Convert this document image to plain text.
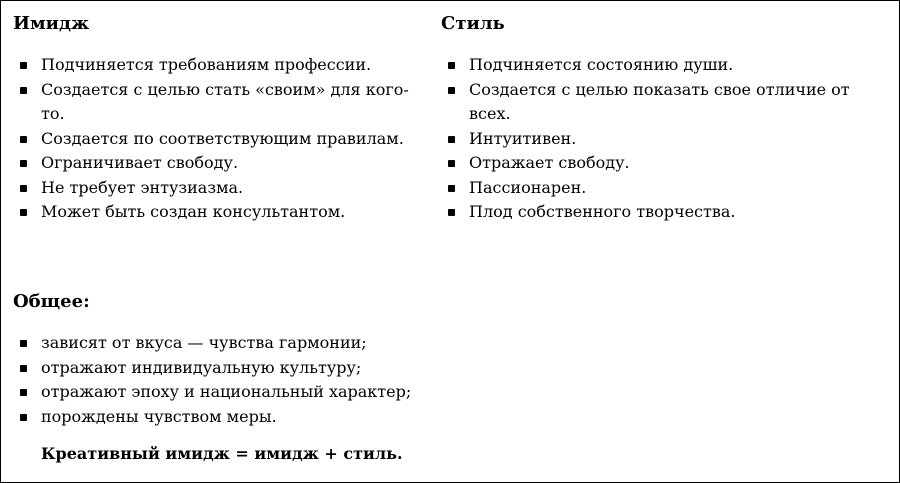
Имидж
Подчиняется требованиям профессии.
Создается с целью стать «своим» для кого-то.
Создается по соответствующим правилам.
Ограничивает свободу.
Не требует энтузиазма.
Может быть создан консультантом.
Стиль
Подчиняется состоянию души.
Создается с целью показать свое отличие от всех.
Интуитивен.
Отражает свободу.
Пассионарен.
Плод собственного творчества.
Общее:
зависят от вкуса — чувства гармонии;
отражают индивидуальную культуру;
отражают эпоху и национальный характер;
порождены чувством меры.
Креативный имидж = имидж + стиль.
